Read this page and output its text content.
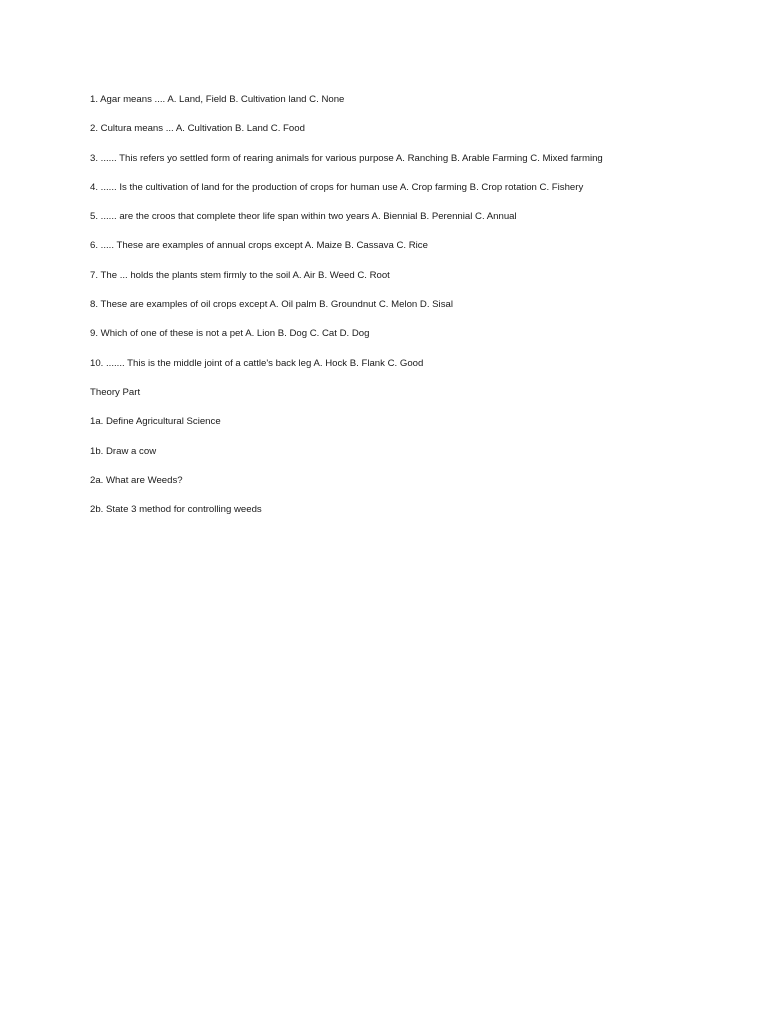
1. Agar means .... A. Land, Field B. Cultivation land C. None

2. Cultura means ... A. Cultivation B. Land C. Food

3. ...... This refers yo settled form of rearing animals for various purpose A. Ranching B. Arable Farming C. Mixed farming

4. ...... Is the cultivation of land for the production of crops for human use A. Crop farming B. Crop rotation C. Fishery

5. ...... are the croos that complete theor life span within two years A. Biennial B. Perennial C. Annual

6. ..... These are examples of annual crops except A. Maize B. Cassava C. Rice

7. The ... holds the plants stem firmly to the soil A. Air B. Weed C. Root

8. These are examples of oil crops except A. Oil palm B. Groundnut C. Melon D. Sisal

9. Which of one of these is not a pet A. Lion B. Dog C. Cat D. Dog

10. ....... This is the middle joint of a cattle's back leg A. Hock B. Flank C. Good

Theory Part

1a. Define Agricultural Science

1b. Draw a cow

2a. What are Weeds?

2b. State 3 method for controlling weeds
